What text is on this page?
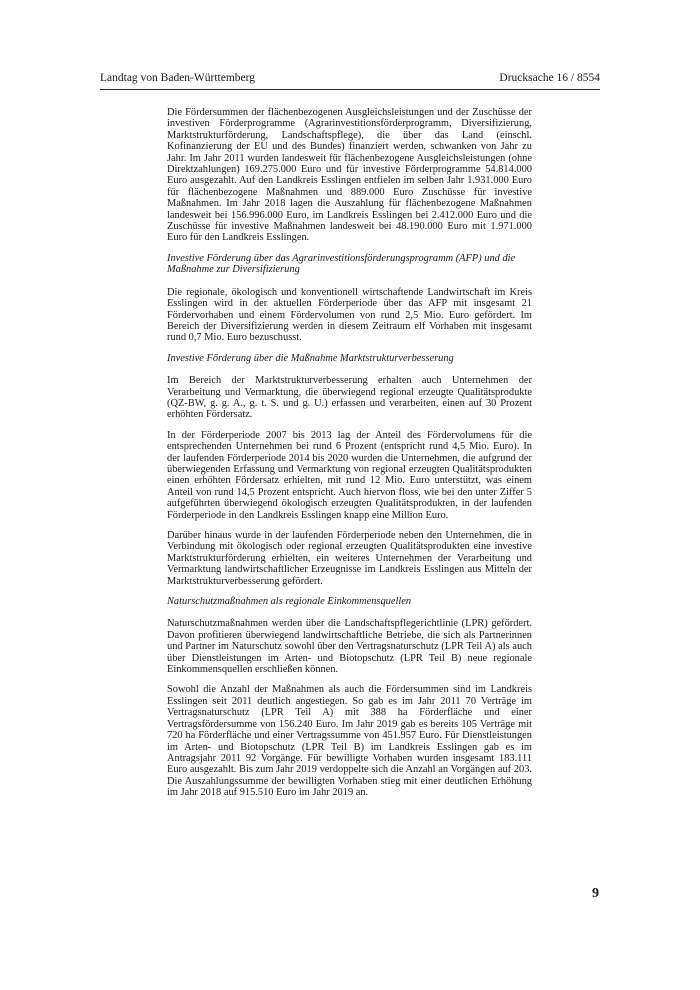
Landtag von Baden-Württemberg	Drucksache 16 / 8554

Die Fördersummen der flächenbezogenen Ausgleichsleistungen und der Zuschüsse der investiven Förderprogramme (Agrarinvestitionsförderprogramm, Diversifizierung, Marktstrukturförderung, Landschaftspflege), die über das Land (einschl. Kofinanzierung der EU und des Bundes) finanziert werden, schwanken von Jahr zu Jahr. Im Jahr 2011 wurden landesweit für flächenbezogene Ausgleichsleistungen (ohne Direktzahlungen) 169.275.000 Euro und für investive Förderprogramme 54.814.000 Euro ausgezahlt. Auf den Landkreis Esslingen entfielen im selben Jahr 1.931.000 Euro für flächenbezogene Maßnahmen und 889.000 Euro Zuschüsse für investive Maßnahmen. Im Jahr 2018 lagen die Auszahlung für flächenbezogene Maßnahmen landesweit bei 156.996.000 Euro, im Landkreis Esslingen bei 2.412.000 Euro und die Zuschüsse für investive Maßnahmen landesweit bei 48.190.000 Euro mit 1.971.000 Euro für den Landkreis Esslingen.

Investive Förderung über das Agrarinvestitionsförderungsprogramm (AFP) und die Maßnahme zur Diversifizierung

Die regionale, ökologisch und konventionell wirtschaftende Landwirtschaft im Kreis Esslingen wird in der aktuellen Förderperiode über das AFP mit insgesamt 21 Fördervorhaben und einem Fördervolumen von rund 2,5 Mio. Euro gefördert. Im Bereich der Diversifizierung werden in diesem Zeitraum elf Vorhaben mit insgesamt rund 0,7 Mio. Euro bezuschusst.

Investive Förderung über die Maßnahme Marktstrukturverbesserung

Im Bereich der Marktstrukturverbesserung erhalten auch Unternehmen der Verarbeitung und Vermarktung, die überwiegend regional erzeugte Qualitätsprodukte (QZ-BW, g. g. A., g. t. S. und g. U.) erfassen und verarbeiten, einen auf 30 Prozent erhöhten Fördersatz.

In der Förderperiode 2007 bis 2013 lag der Anteil des Fördervolumens für die entsprechenden Unternehmen bei rund 6 Prozent (entspricht rund 4,5 Mio. Euro). In der laufenden Förderperiode 2014 bis 2020 wurden die Unternehmen, die aufgrund der überwiegenden Erfassung und Vermarktung von regional erzeugten Qualitätsprodukten einen erhöhten Fördersatz erhielten, mit rund 12 Mio. Euro unterstützt, was einem Anteil von rund 14,5 Prozent entspricht. Auch hiervon floss, wie bei den unter Ziffer 5 aufgeführten überwiegend ökologisch erzeugten Qualitätsprodukten, in der laufenden Förderperiode in den Landkreis Esslingen knapp eine Million Euro.

Darüber hinaus wurde in der laufenden Förderperiode neben den Unternehmen, die in Verbindung mit ökologisch oder regional erzeugten Qualitätsprodukten eine investive Marktstrukturförderung erhielten, ein weiteres Unternehmen der Verarbeitung und Vermarktung landwirtschaftlicher Erzeugnisse im Landkreis Esslingen aus Mitteln der Marktstrukturverbesserung gefördert.

Naturschutzmaßnahmen als regionale Einkommensquellen

Naturschutzmaßnahmen werden über die Landschaftspflegerichtlinie (LPR) gefördert. Davon profitieren überwiegend landwirtschaftliche Betriebe, die sich als Partnerinnen und Partner im Naturschutz sowohl über den Vertragsnaturschutz (LPR Teil A) als auch über Dienstleistungen im Arten- und Biotopschutz (LPR Teil B) neue regionale Einkommensquellen erschließen können.

Sowohl die Anzahl der Maßnahmen als auch die Fördersummen sind im Landkreis Esslingen seit 2011 deutlich angestiegen. So gab es im Jahr 2011 70 Verträge im Vertragsnaturschutz (LPR Teil A) mit 388 ha Förderfläche und einer Vertragsfördersumme von 156.240 Euro. Im Jahr 2019 gab es bereits 105 Verträge mit 720 ha Förderfläche und einer Vertragssumme von 451.957 Euro. Für Dienstleistungen im Arten- und Biotopschutz (LPR Teil B) im Landkreis Esslingen gab es im Antragsjahr 2011 92 Vorgänge. Für bewilligte Vorhaben wurden insgesamt 183.111 Euro ausgezahlt. Bis zum Jahr 2019 verdoppelte sich die Anzahl an Vorgängen auf 203. Die Auszahlungssumme der bewilligten Vorhaben stieg mit einer deutlichen Erhöhung im Jahr 2018 auf 915.510 Euro im Jahr 2019 an.

9
